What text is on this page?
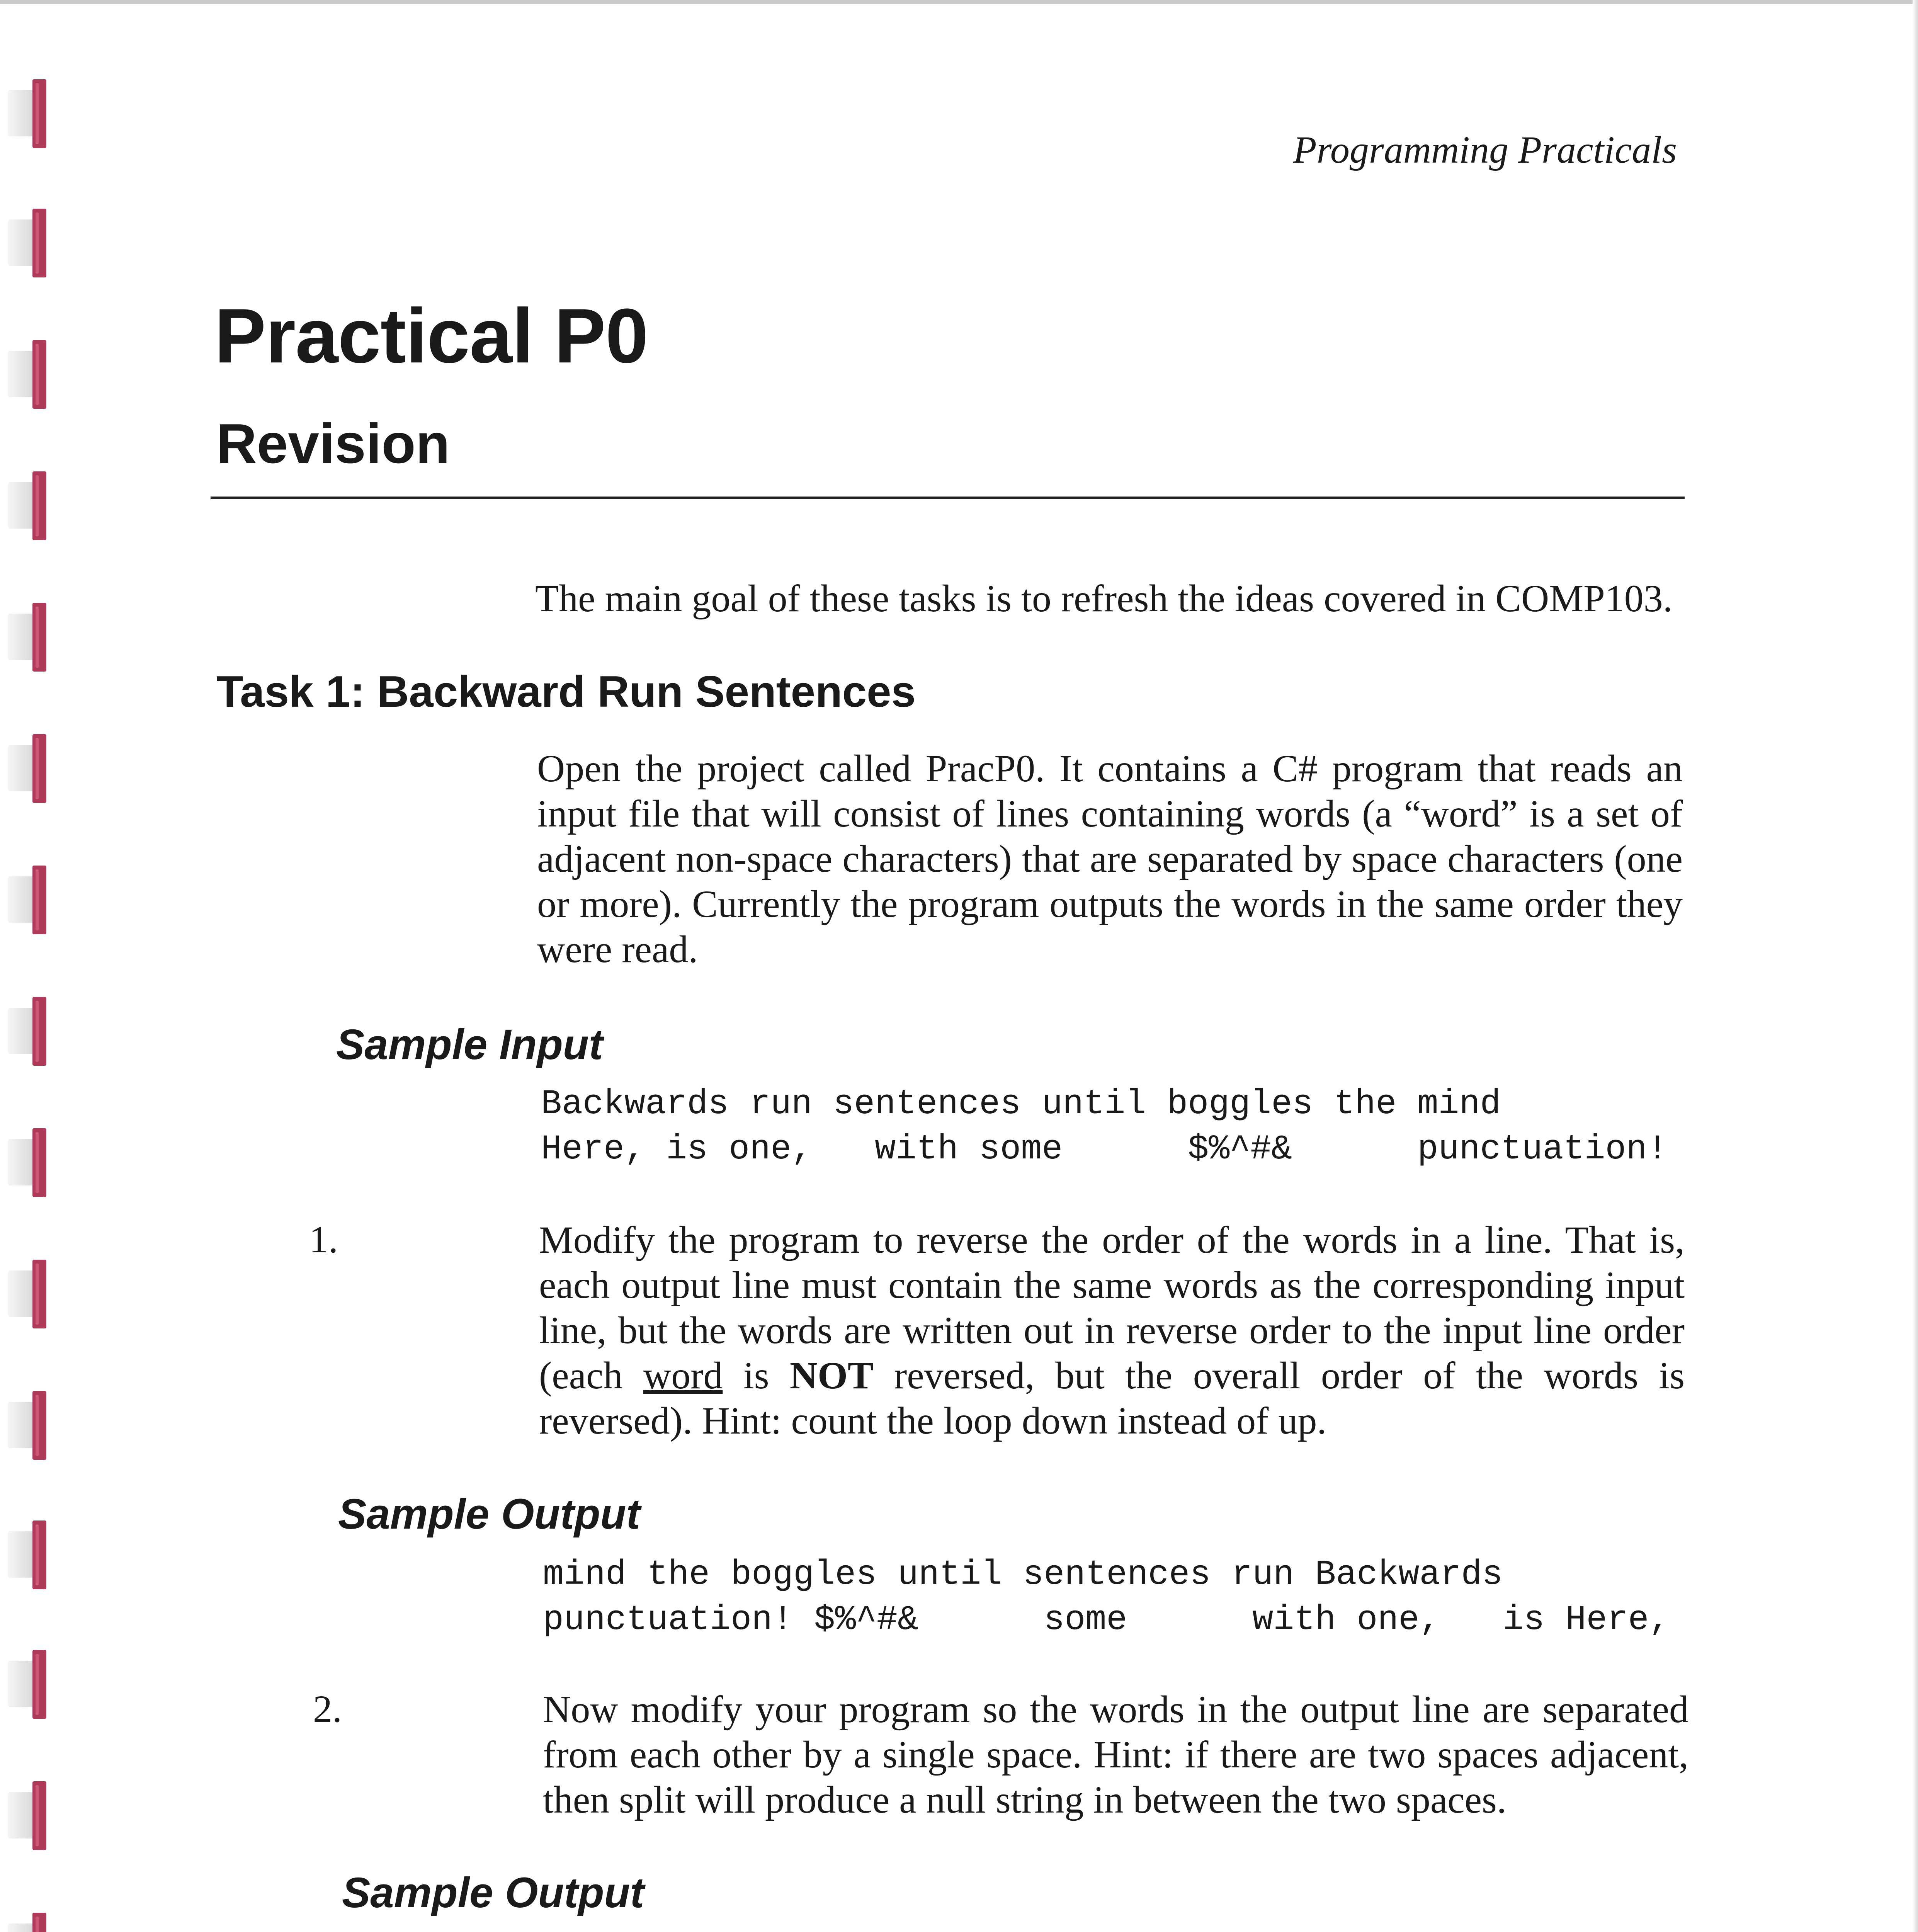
Programming Practicals
Practical P0
Revision
The main goal of these tasks is to refresh the ideas covered in COMP103.
Task 1: Backward Run Sentences
Open the project called PracP0. It contains a C# program that reads an input file that will consist of lines containing words (a “word” is a set of adjacent non-space characters) that are separated by space characters (one or more). Currently the program outputs the words in the same order they were read.
Sample Input
Backwards run sentences until boggles the mind
Here, is one,   with some      $%^#&      punctuation!
1.	Modify the program to reverse the order of the words in a line. That is, each output line must contain the same words as the corresponding input line, but the words are written out in reverse order to the input line order (each word is NOT reversed, but the overall order of the words is reversed). Hint: count the loop down instead of up.
Sample Output
mind the boggles until sentences run Backwards
punctuation! $%^#&      some      with one,   is Here,
2.	Now modify your program so the words in the output line are separated from each other by a single space. Hint: if there are two spaces adjacent, then split will produce a null string in between the two spaces.
Sample Output
